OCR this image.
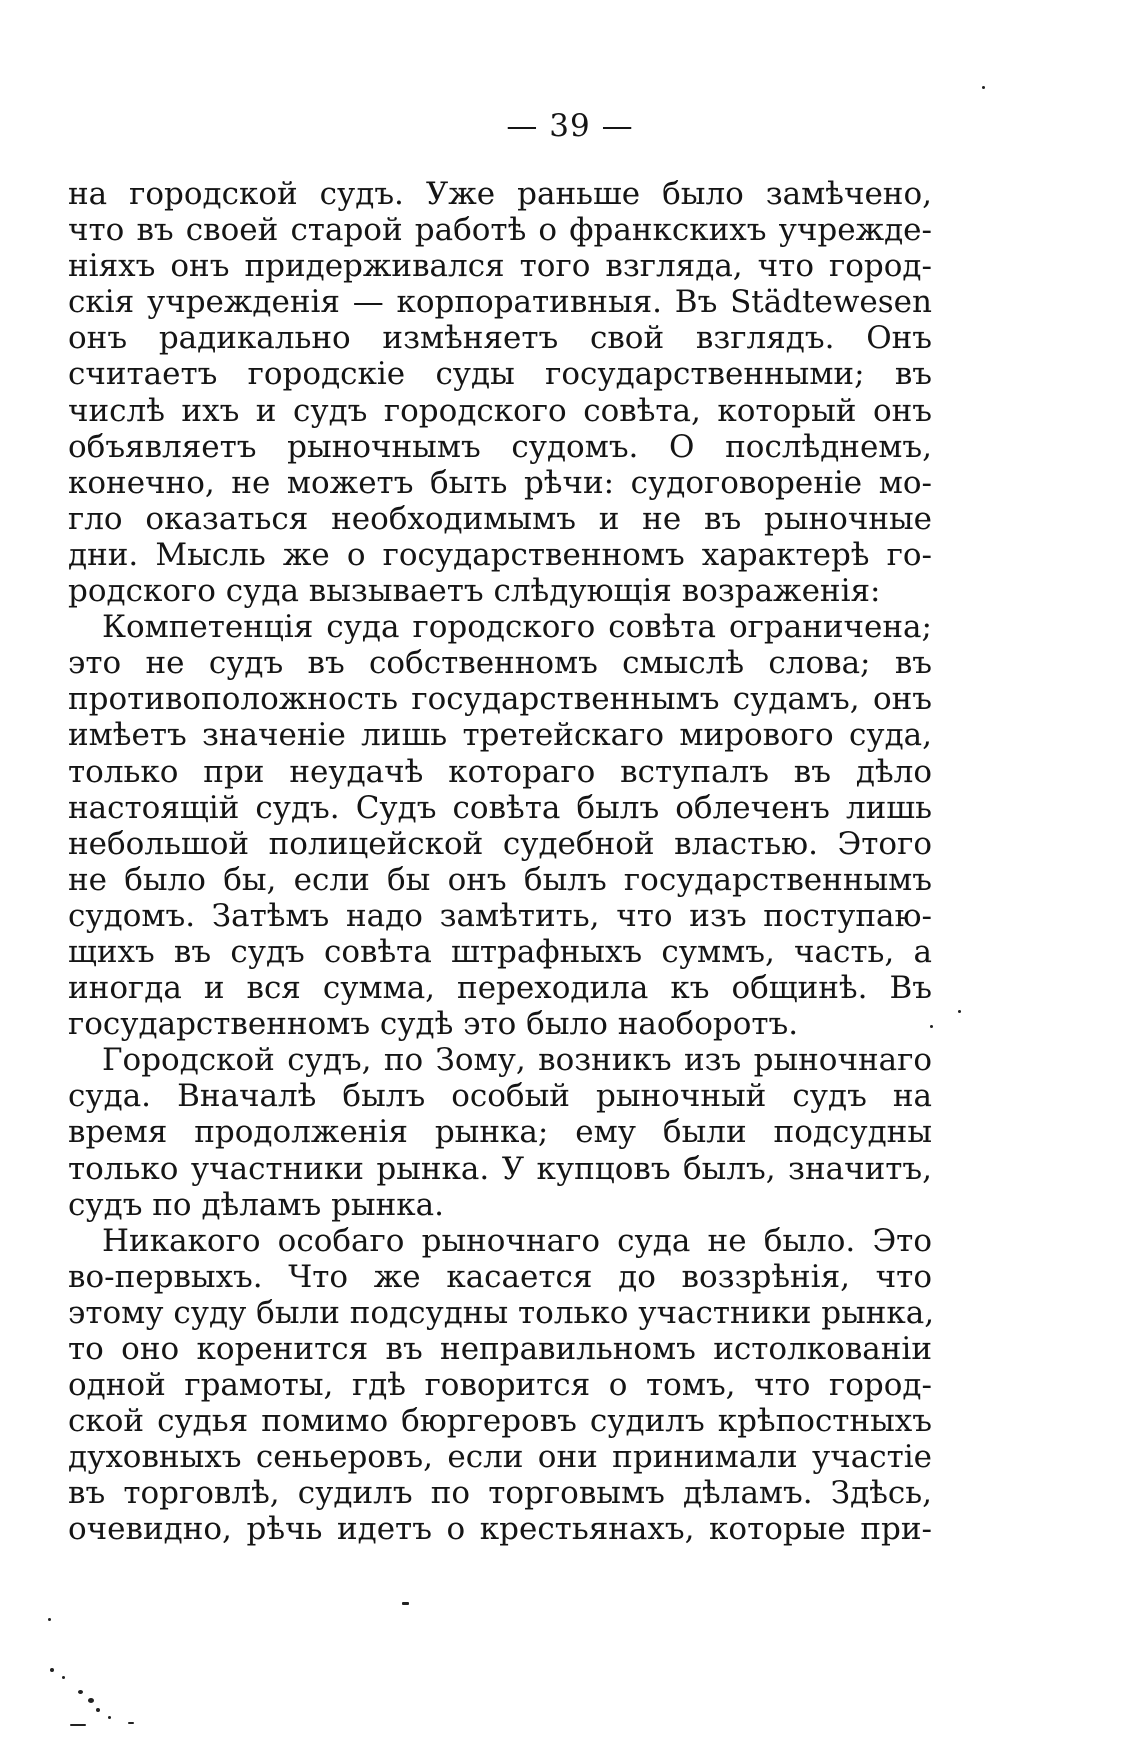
— 39 —
на городской судъ. Уже раньше было замѣчено,
что въ своей старой работѣ о франкскихъ учрежде-
ніяхъ онъ придерживался того взгляда, что город-
скія учрежденія — корпоративныя. Въ Städtewesen
онъ радикально измѣняетъ свой взглядъ. Онъ
считаетъ городскіе суды государственными; въ
числѣ ихъ и судъ городского совѣта, который онъ
объявляетъ рыночнымъ судомъ. О послѣднемъ,
конечно, не можетъ быть рѣчи: судоговореніе мо-
гло оказаться необходимымъ и не въ рыночные
дни. Мысль же о государственномъ характерѣ го-
родского суда вызываетъ слѣдующія возраженія:
Компетенція суда городского совѣта ограничена;
это не судъ въ собственномъ смыслѣ слова; въ
противоположность государственнымъ судамъ, онъ
имѣетъ значеніе лишь третейскаго мирового суда,
только при неудачѣ котораго вступалъ въ дѣло
настоящій судъ. Судъ совѣта былъ облеченъ лишь
небольшой полицейской судебной властью. Этого
не было бы, если бы онъ былъ государственнымъ
судомъ. Затѣмъ надо замѣтить, что изъ поступаю-
щихъ въ судъ совѣта штрафныхъ суммъ, часть, а
иногда и вся сумма, переходила къ общинѣ. Въ
государственномъ судѣ это было наоборотъ.
Городской судъ, по Зому, возникъ изъ рыночнаго
суда. Вначалѣ былъ особый рыночный судъ на
время продолженія рынка; ему были подсудны
только участники рынка. У купцовъ былъ, значитъ,
судъ по дѣламъ рынка.
Никакого особаго рыночнаго суда не было. Это
во-первыхъ. Что же касается до воззрѣнія, что
этому суду были подсудны только участники рынка,
то оно коренится въ неправильномъ истолкованіи
одной грамоты, гдѣ говорится о томъ, что город-
ской судья помимо бюргеровъ судилъ крѣпостныхъ
духовныхъ сеньеровъ, если они принимали участіе
въ торговлѣ, судилъ по торговымъ дѣламъ. Здѣсь,
очевидно, рѣчь идетъ о крестьянахъ, которые при-
